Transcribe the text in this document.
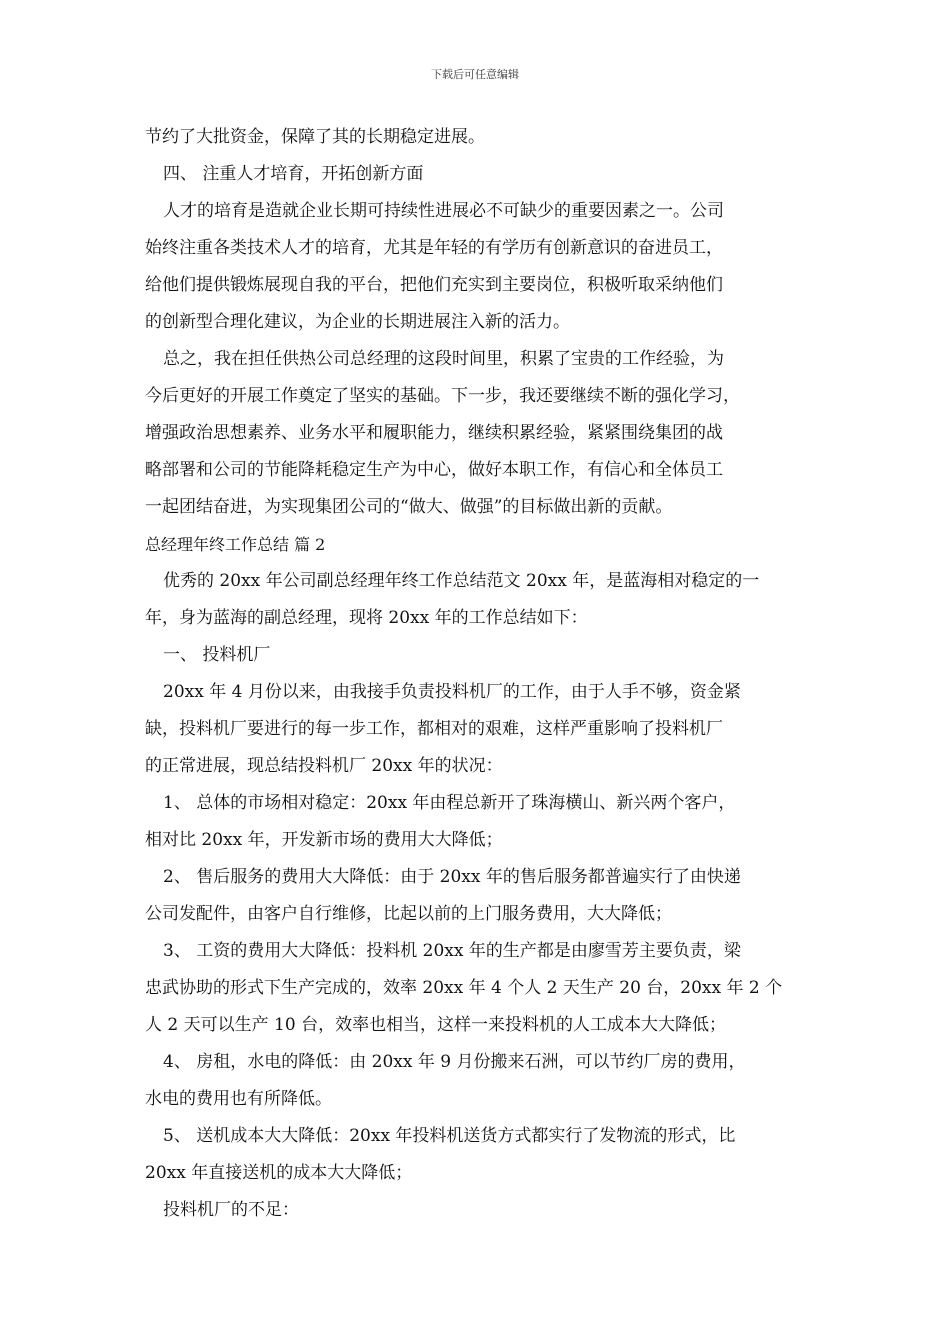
下载后可任意编辑
节约了大批资金，保障了其的长期稳定进展。
四、 注重人才培育，开拓创新方面
人才的培育是造就企业长期可持续性进展必不可缺少的重要因素之一。公司
始终注重各类技术人才的培育，尤其是年轻的有学历有创新意识的奋进员工，
给他们提供锻炼展现自我的平台，把他们充实到主要岗位，积极听取采纳他们
的创新型合理化建议，为企业的长期进展注入新的活力。
总之，我在担任供热公司总经理的这段时间里，积累了宝贵的工作经验，为
今后更好的开展工作奠定了坚实的基础。下一步，我还要继续不断的强化学习，
增强政治思想素养、业务水平和履职能力，继续积累经验，紧紧围绕集团的战
略部署和公司的节能降耗稳定生产为中心，做好本职工作，有信心和全体员工
一起团结奋进，为实现集团公司的“做大、做强”的目标做出新的贡献。
总经理年终工作总结 篇 2
优秀的 20xx 年公司副总经理年终工作总结范文 20xx 年，是蓝海相对稳定的一
年，身为蓝海的副总经理，现将 20xx 年的工作总结如下：
一、 投料机厂
20xx 年 4 月份以来，由我接手负责投料机厂的工作，由于人手不够，资金紧
缺，投料机厂要进行的每一步工作，都相对的艰难，这样严重影响了投料机厂
的正常进展，现总结投料机厂 20xx 年的状况：
1、 总体的市场相对稳定：20xx 年由程总新开了珠海横山、新兴两个客户，
相对比 20xx 年，开发新市场的费用大大降低；
2、 售后服务的费用大大降低：由于 20xx 年的售后服务都普遍实行了由快递
公司发配件，由客户自行维修，比起以前的上门服务费用，大大降低；
3、 工资的费用大大降低：投料机 20xx 年的生产都是由廖雪芳主要负责，梁
忠武协助的形式下生产完成的，效率 20xx 年 4 个人 2 天生产 20 台，20xx 年 2 个
人 2 天可以生产 10 台，效率也相当，这样一来投料机的人工成本大大降低；
4、 房租，水电的降低：由 20xx 年 9 月份搬来石洲，可以节约厂房的费用，
水电的费用也有所降低。
5、 送机成本大大降低：20xx 年投料机送货方式都实行了发物流的形式，比
20xx 年直接送机的成本大大降低；
投料机厂的不足：
